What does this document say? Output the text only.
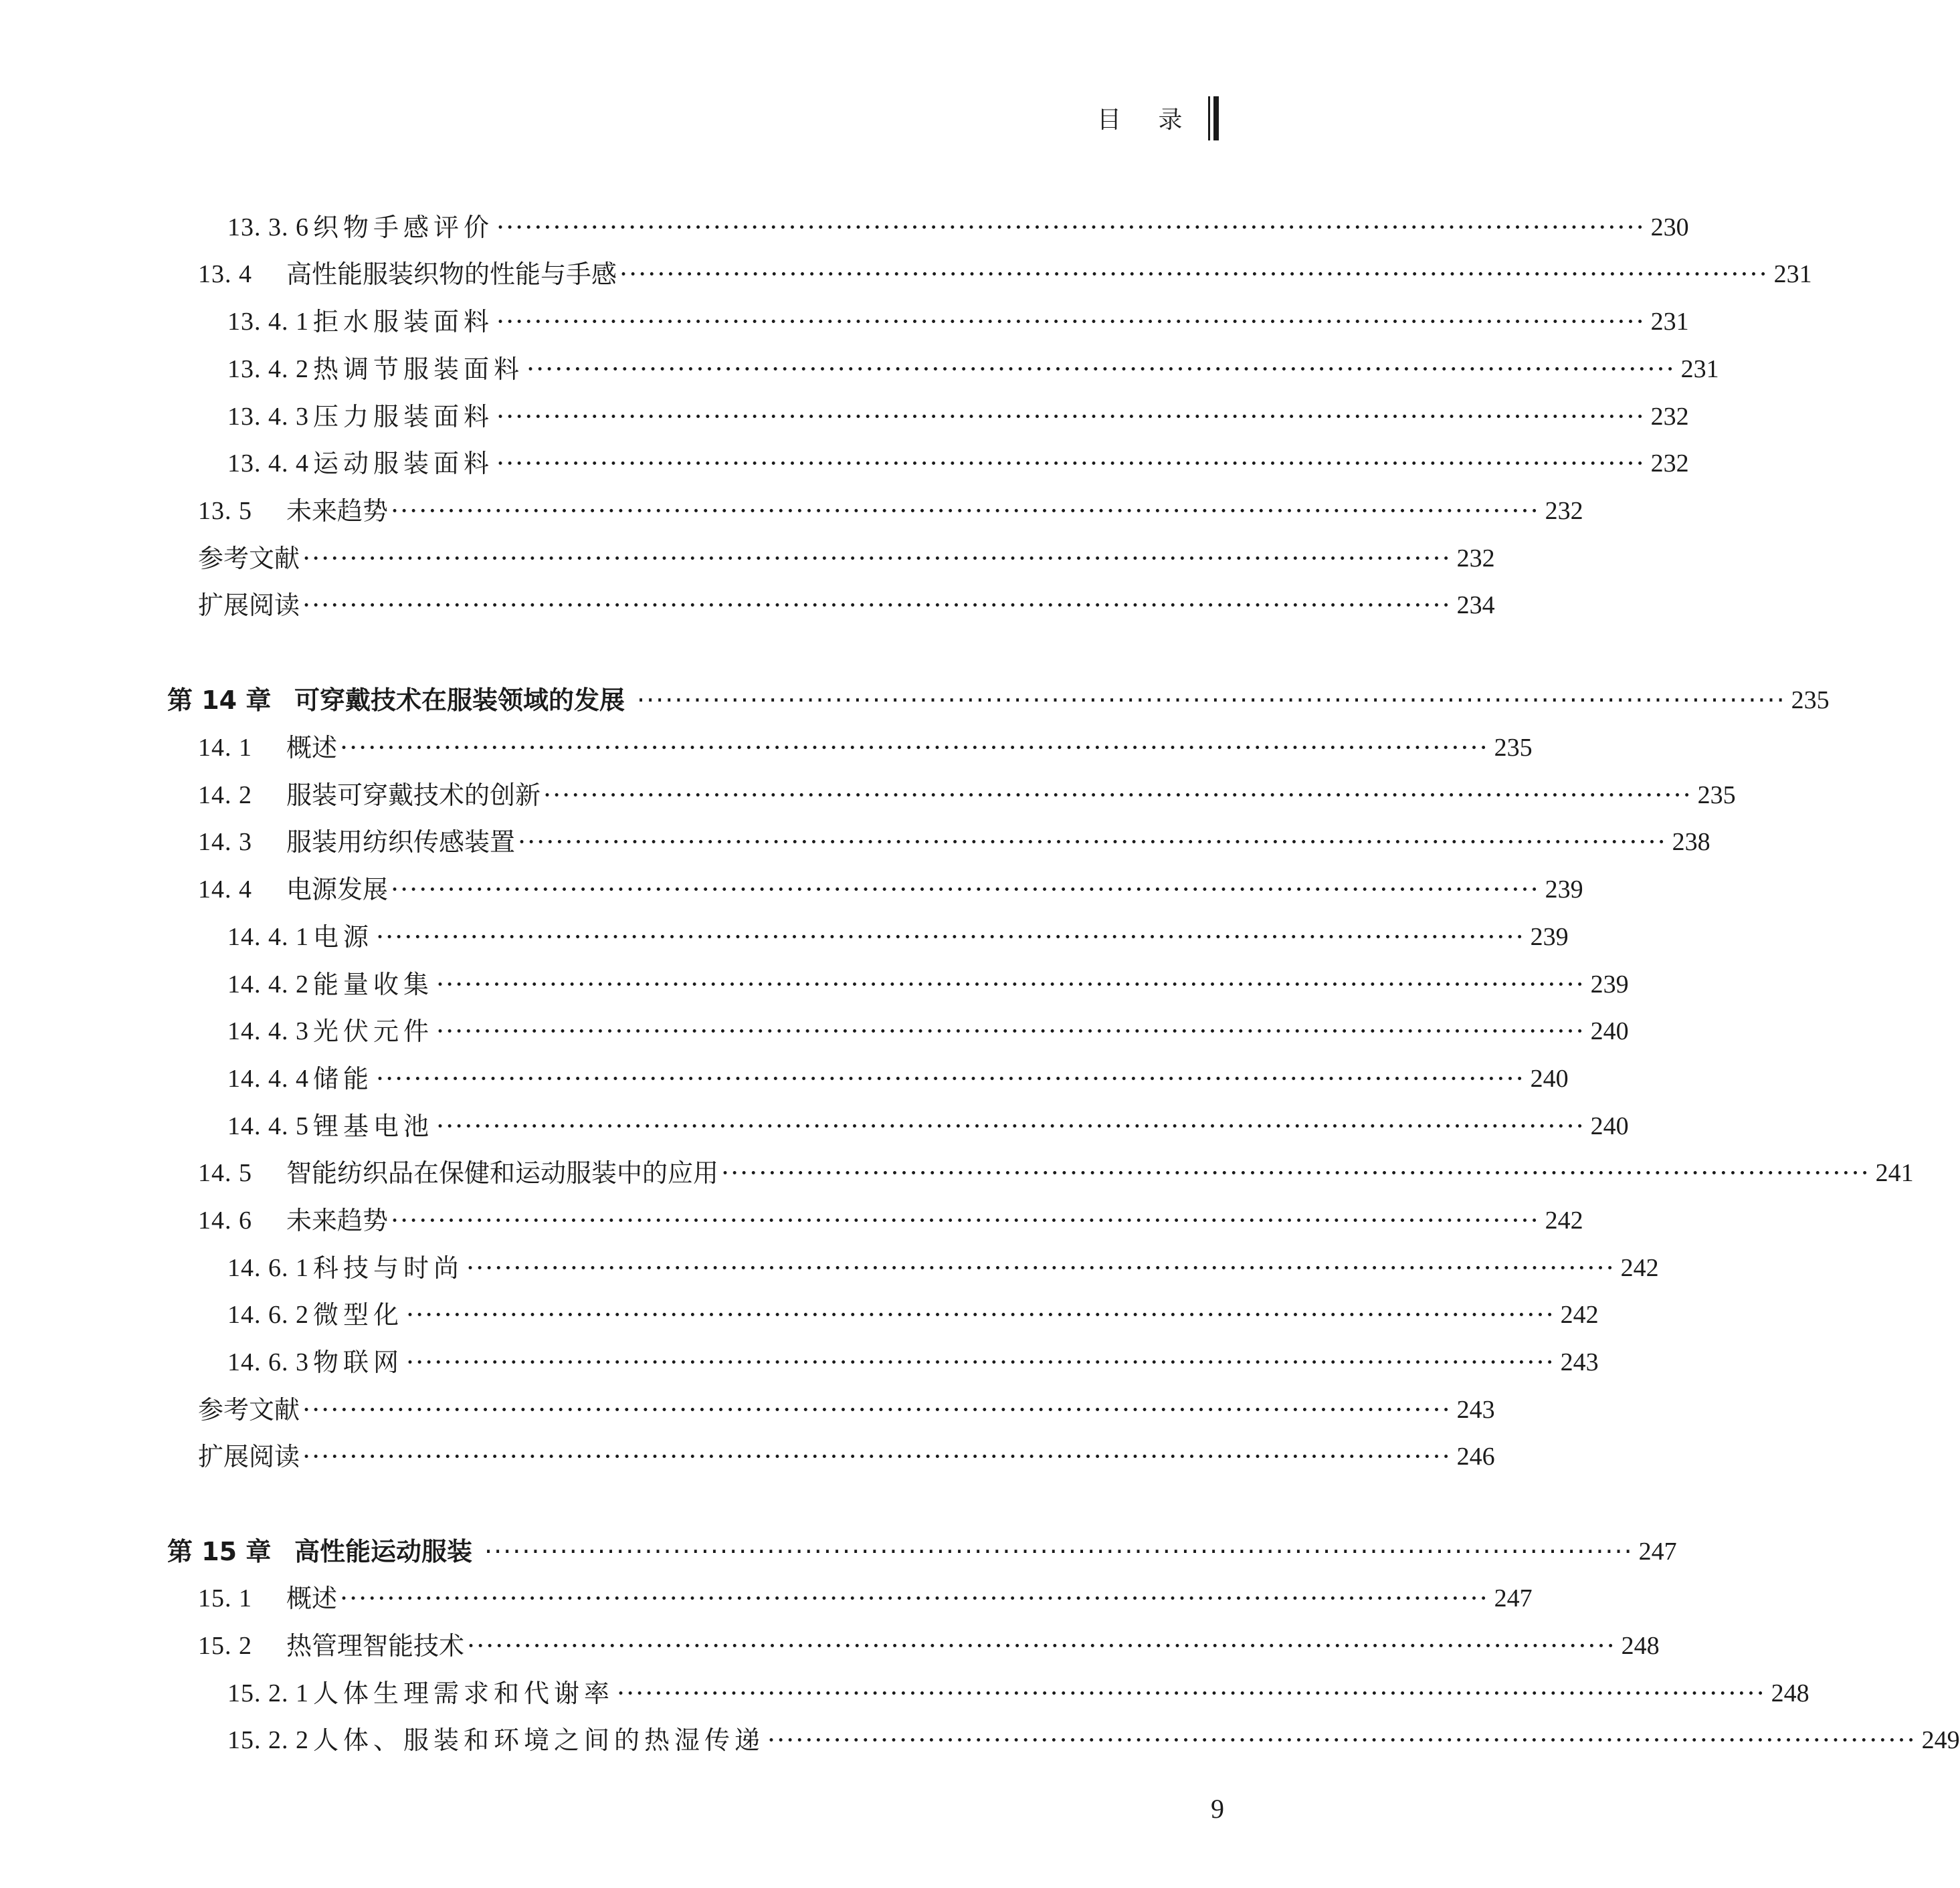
目 录
13. 3. 6 织物手感评价 ·························································································································· 230
13. 4	高性能服装织物的性能与手感 ·························································································································· 231
13. 4. 1 拒水服装面料 ·························································································································· 231
13. 4. 2 热调节服装面料 ·························································································································· 231
13. 4. 3 压力服装面料 ·························································································································· 232
13. 4. 4 运动服装面料 ·························································································································· 232
13. 5	未来趋势 ·························································································································· 232
参考文献 ·························································································································· 232
扩展阅读 ·························································································································· 234
第 14 章 可穿戴技术在服装领域的发展 ·························································································································· 235
14. 1	概述 ·························································································································· 235
14. 2	服装可穿戴技术的创新 ·························································································································· 235
14. 3	服装用纺织传感装置 ·························································································································· 238
14. 4	电源发展 ·························································································································· 239
14. 4. 1 电源 ·························································································································· 239
14. 4. 2 能量收集 ·························································································································· 239
14. 4. 3 光伏元件 ·························································································································· 240
14. 4. 4 储能 ·························································································································· 240
14. 4. 5 锂基电池 ·························································································································· 240
14. 5	智能纺织品在保健和运动服装中的应用 ·························································································································· 241
14. 6	未来趋势 ·························································································································· 242
14. 6. 1 科技与时尚 ·························································································································· 242
14. 6. 2 微型化 ·························································································································· 242
14. 6. 3 物联网 ·························································································································· 243
参考文献 ·························································································································· 243
扩展阅读 ·························································································································· 246
第 15 章 高性能运动服装 ·························································································································· 247
15. 1	概述 ·························································································································· 247
15. 2	热管理智能技术 ·························································································································· 248
15. 2. 1 人体生理需求和代谢率 ·························································································································· 248
15. 2. 2 人体、服装和环境之间的热湿传递 ·························································································································· 249
9
